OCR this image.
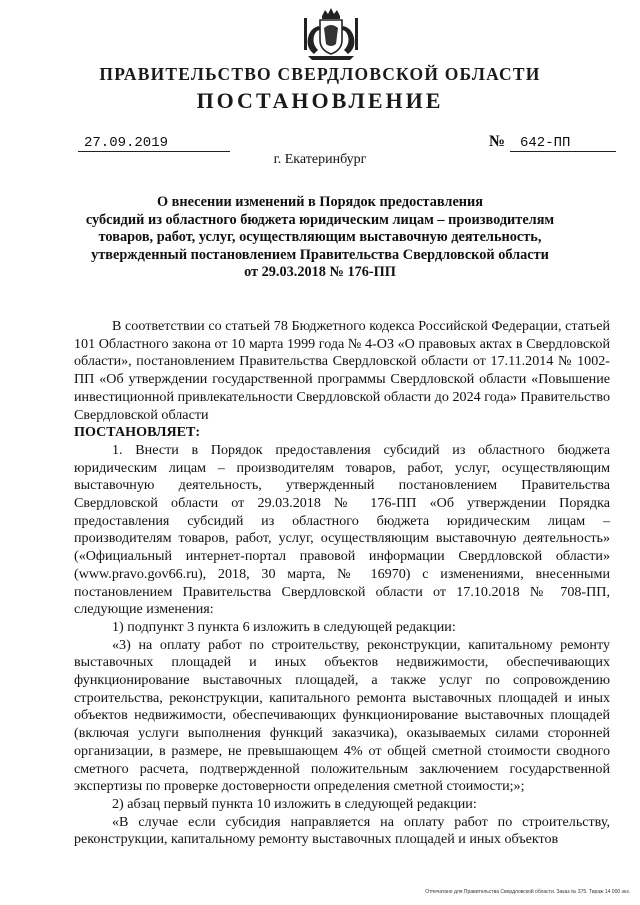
ПРАВИТЕЛЬСТВО СВЕРДЛОВСКОЙ ОБЛАСТИ
ПОСТАНОВЛЕНИЕ
27.09.2019	№	642-ПП
г. Екатеринбург
О внесении изменений в Порядок предоставления
субсидий из областного бюджета юридическим лицам – производителям
товаров, работ, услуг, осуществляющим выставочную деятельность,
утвержденный постановлением Правительства Свердловской области
от 29.03.2018 № 176-ПП

В соответствии со статьей 78 Бюджетного кодекса Российской Федерации, статьей 101 Областного закона от 10 марта 1999 года № 4-ОЗ «О правовых актах в Свердловской области», постановлением Правительства Свердловской области от 17.11.2014 № 1002-ПП «Об утверждении государственной программы Свердловской области «Повышение инвестиционной привлекательности Свердловской области до 2024 года» Правительство Свердловской области

ПОСТАНОВЛЯЕТ:

1. Внести в Порядок предоставления субсидий из областного бюджета юридическим лицам – производителям товаров, работ, услуг, осуществляющим выставочную деятельность, утвержденный постановлением Правительства Свердловской области от 29.03.2018 № 176-ПП «Об утверждении Порядка предоставления субсидий из областного бюджета юридическим лицам – производителям товаров, работ, услуг, осуществляющим выставочную деятельность» («Официальный интернет-портал правовой информации Свердловской области» (www.pravo.gov66.ru), 2018, 30 марта, № 16970) с изменениями, внесенными постановлением Правительства Свердловской области от 17.10.2018 № 708-ПП, следующие изменения:

1) подпункт 3 пункта 6 изложить в следующей редакции:

«3) на оплату работ по строительству, реконструкции, капитальному ремонту выставочных площадей и иных объектов недвижимости, обеспечивающих функционирование выставочных площадей, а также услуг по сопровождению строительства, реконструкции, капитального ремонта выставочных площадей и иных объектов недвижимости, обеспечивающих функционирование выставочных площадей (включая услуги выполнения функций заказчика), оказываемых силами сторонней организации, в размере, не превышающем 4% от общей сметной стоимости сводного сметного расчета, подтвержденной положительным заключением государственной экспертизы по проверке достоверности определения сметной стоимости;»;

2) абзац первый пункта 10 изложить в следующей редакции:

«В случае если субсидия направляется на оплату работ по строительству, реконструкции, капитальному ремонту выставочных площадей и иных объектов

Отпечатано для Правительства Свердловской области. Заказ № 375. Тираж 14 000 экз.
